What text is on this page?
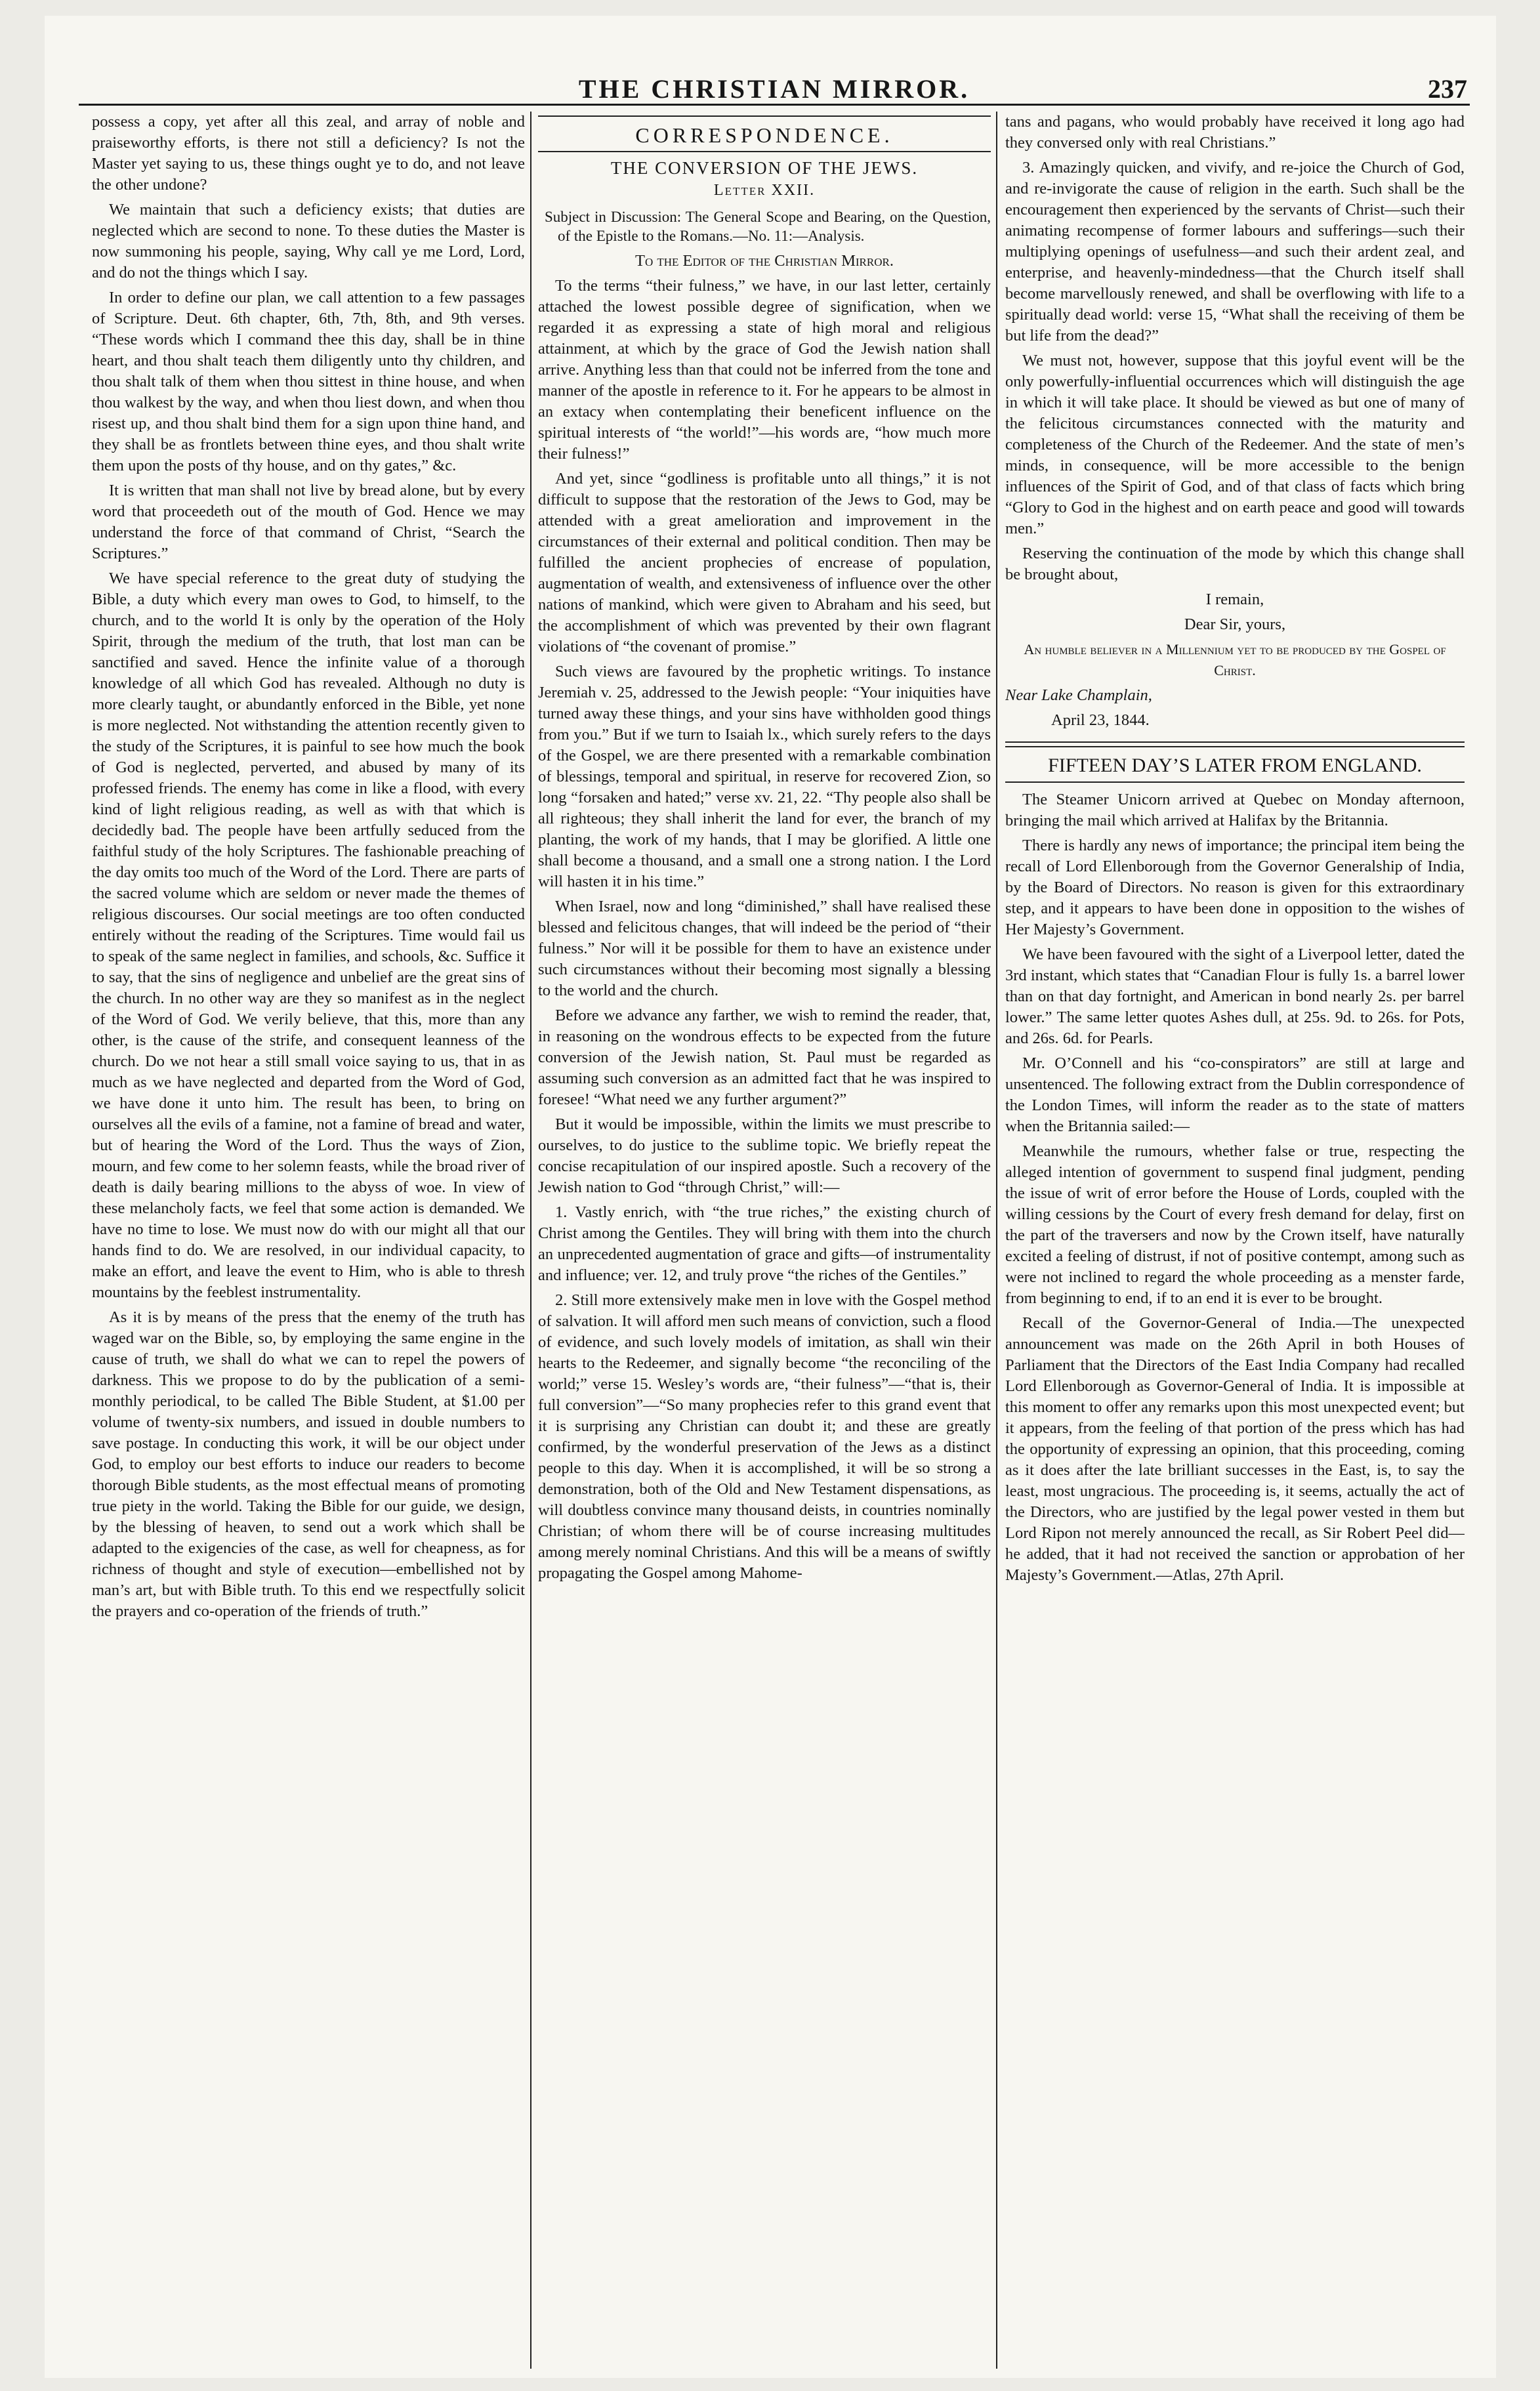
THE CHRISTIAN MIRROR.	237

possess a copy, yet after all this zeal, and array of noble and praiseworthy efforts, is there not still a deficiency? Is not the Master yet saying to us, these things ought ye to do, and not leave the other undone?

We maintain that such a deficiency exists; that duties are neglected which are second to none. To these duties the Master is now summoning his people, saying, Why call ye me Lord, Lord, and do not the things which I say.

In order to define our plan, we call attention to a few passages of Scripture. Deut. 6th chapter, 6th, 7th, 8th, and 9th verses. “These words which I command thee this day, shall be in thine heart, and thou shalt teach them diligently unto thy children, and thou shalt talk of them when thou sittest in thine house, and when thou walkest by the way, and when thou liest down, and when thou risest up, and thou shalt bind them for a sign upon thine hand, and they shall be as frontlets between thine eyes, and thou shalt write them upon the posts of thy house, and on thy gates,” &c.

It is written that man shall not live by bread alone, but by every word that proceedeth out of the mouth of God. Hence we may understand the force of that command of Christ, “Search the Scriptures.”

We have special reference to the great duty of studying the Bible, a duty which every man owes to God, to himself, to the church, and to the world It is only by the operation of the Holy Spirit, through the medium of the truth, that lost man can be sanctified and saved. Hence the infinite value of a thorough knowledge of all which God has revealed. Although no duty is more clearly taught, or abundantly enforced in the Bible, yet none is more neglected. Not withstanding the attention recently given to the study of the Scriptures, it is painful to see how much the book of God is neglected, perverted, and abused by many of its professed friends. The enemy has come in like a flood, with every kind of light religious reading, as well as with that which is decidedly bad. The people have been artfully seduced from the faithful study of the holy Scriptures. The fashionable preaching of the day omits too much of the Word of the Lord. There are parts of the sacred volume which are seldom or never made the themes of religious discourses. Our social meetings are too often conducted entirely without the reading of the Scriptures. Time would fail us to speak of the same neglect in families, and schools, &c. Suffice it to say, that the sins of negligence and unbelief are the great sins of the church. In no other way are they so manifest as in the neglect of the Word of God. We verily believe, that this, more than any other, is the cause of the strife, and consequent leanness of the church. Do we not hear a still small voice saying to us, that in as much as we have neglected and departed from the Word of God, we have done it unto him. The result has been, to bring on ourselves all the evils of a famine, not a famine of bread and water, but of hearing the Word of the Lord. Thus the ways of Zion, mourn, and few come to her solemn feasts, while the broad river of death is daily bearing millions to the abyss of woe. In view of these melancholy facts, we feel that some action is demanded. We have no time to lose. We must now do with our might all that our hands find to do. We are resolved, in our individual capacity, to make an effort, and leave the event to Him, who is able to thresh mountains by the feeblest instrumentality.

As it is by means of the press that the enemy of the truth has waged war on the Bible, so, by employing the same engine in the cause of truth, we shall do what we can to repel the powers of darkness. This we propose to do by the publication of a semi-monthly periodical, to be called The Bible Student, at $1.00 per volume of twenty-six numbers, and issued in double numbers to save postage. In conducting this work, it will be our object under God, to employ our best efforts to induce our readers to become thorough Bible students, as the most effectual means of promoting true piety in the world. Taking the Bible for our guide, we design, by the blessing of heaven, to send out a work which shall be adapted to the exigencies of the case, as well for cheapness, as for richness of thought and style of execution—embellished not by man’s art, but with Bible truth. To this end we respectfully solicit the prayers and co-operation of the friends of truth.”

CORRESPONDENCE.
THE CONVERSION OF THE JEWS.
Letter XXII.

Subject in Discussion: The General Scope and Bearing, on the Question, of the Epistle to the Romans.—No. 11:—Analysis.

To the Editor of the Christian Mirror.

To the terms “their fulness,” we have, in our last letter, certainly attached the lowest possible degree of signification, when we regarded it as expressing a state of high moral and religious attainment, at which by the grace of God the Jewish nation shall arrive. Anything less than that could not be inferred from the tone and manner of the apostle in reference to it. For he appears to be almost in an extacy when contemplating their beneficent influence on the spiritual interests of “the world!”—his words are, “how much more their fulness!”

And yet, since “godliness is profitable unto all things,” it is not difficult to suppose that the restoration of the Jews to God, may be attended with a great amelioration and improvement in the circumstances of their external and political condition. Then may be fulfilled the ancient prophecies of encrease of population, augmentation of wealth, and extensiveness of influence over the other nations of mankind, which were given to Abraham and his seed, but the accomplishment of which was prevented by their own flagrant violations of “the covenant of promise.”

Such views are favoured by the prophetic writings. To instance Jeremiah v. 25, addressed to the Jewish people: “Your iniquities have turned away these things, and your sins have withholden good things from you.” But if we turn to Isaiah lx., which surely refers to the days of the Gospel, we are there presented with a remarkable combination of blessings, temporal and spiritual, in reserve for recovered Zion, so long “forsaken and hated;” verse xv. 21, 22. “Thy people also shall be all righteous; they shall inherit the land for ever, the branch of my planting, the work of my hands, that I may be glorified. A little one shall become a thousand, and a small one a strong nation. I the Lord will hasten it in his time.”

When Israel, now and long “diminished,” shall have realised these blessed and felicitous changes, that will indeed be the period of “their fulness.” Nor will it be possible for them to have an existence under such circumstances without their becoming most signally a blessing to the world and the church.

Before we advance any farther, we wish to remind the reader, that, in reasoning on the wondrous effects to be expected from the future conversion of the Jewish nation, St. Paul must be regarded as assuming such conversion as an admitted fact that he was inspired to foresee! “What need we any further argument?”

But it would be impossible, within the limits we must prescribe to ourselves, to do justice to the sublime topic. We briefly repeat the concise recapitulation of our inspired apostle. Such a recovery of the Jewish nation to God “through Christ,” will:—

1. Vastly enrich, with “the true riches,” the existing church of Christ among the Gentiles. They will bring with them into the church an unprecedented augmentation of grace and gifts—of instrumentality and influence; ver. 12, and truly prove “the riches of the Gentiles.”

2. Still more extensively make men in love with the Gospel method of salvation. It will afford men such means of conviction, such a flood of evidence, and such lovely models of imitation, as shall win their hearts to the Redeemer, and signally become “the reconciling of the world;” verse 15. Wesley’s words are, “their fulness”—“that is, their full conversion”—“So many prophecies refer to this grand event that it is surprising any Christian can doubt it; and these are greatly confirmed, by the wonderful preservation of the Jews as a distinct people to this day. When it is accomplished, it will be so strong a demonstration, both of the Old and New Testament dispensations, as will doubtless convince many thousand deists, in countries nominally Christian; of whom there will be of course increasing multitudes among merely nominal Christians. And this will be a means of swiftly propagating the Gospel among Mahome-

tans and pagans, who would probably have received it long ago had they conversed only with real Christians.”

3. Amazingly quicken, and vivify, and re-joice the Church of God, and re-invigorate the cause of religion in the earth. Such shall be the encouragement then experienced by the servants of Christ—such their animating recompense of former labours and sufferings—such their multiplying openings of usefulness—and such their ardent zeal, and enterprise, and heavenly-mindedness—that the Church itself shall become marvellously renewed, and shall be overflowing with life to a spiritually dead world: verse 15, “What shall the receiving of them be but life from the dead?”

We must not, however, suppose that this joyful event will be the only powerfully-influential occurrences which will distinguish the age in which it will take place. It should be viewed as but one of many of the felicitous circumstances connected with the maturity and completeness of the Church of the Redeemer. And the state of men’s minds, in consequence, will be more accessible to the benign influences of the Spirit of God, and of that class of facts which bring “Glory to God in the highest and on earth peace and good will towards men.”

Reserving the continuation of the mode by which this change shall be brought about,

I remain,

Dear Sir, yours,

An humble believer in a Millennium yet to be produced by the Gospel of Christ.

Near Lake Champlain,

April 23, 1844.

FIFTEEN DAY’S LATER FROM ENGLAND.

The Steamer Unicorn arrived at Quebec on Monday afternoon, bringing the mail which arrived at Halifax by the Britannia.

There is hardly any news of importance; the principal item being the recall of Lord Ellenborough from the Governor Generalship of India, by the Board of Directors. No reason is given for this extraordinary step, and it appears to have been done in opposition to the wishes of Her Majesty’s Government.

We have been favoured with the sight of a Liverpool letter, dated the 3rd instant, which states that “Canadian Flour is fully 1s. a barrel lower than on that day fortnight, and American in bond nearly 2s. per barrel lower.” The same letter quotes Ashes dull, at 25s. 9d. to 26s. for Pots, and 26s. 6d. for Pearls.

Mr. O’Connell and his “co-conspirators” are still at large and unsentenced. The following extract from the Dublin correspondence of the London Times, will inform the reader as to the state of matters when the Britannia sailed:—

Meanwhile the rumours, whether false or true, respecting the alleged intention of government to suspend final judgment, pending the issue of writ of error before the House of Lords, coupled with the willing cessions by the Court of every fresh demand for delay, first on the part of the traversers and now by the Crown itself, have naturally excited a feeling of distrust, if not of positive contempt, among such as were not inclined to regard the whole proceeding as a menster farde, from beginning to end, if to an end it is ever to be brought.

Recall of the Governor-General of India.—The unexpected announcement was made on the 26th April in both Houses of Parliament that the Directors of the East India Company had recalled Lord Ellenborough as Governor-General of India. It is impossible at this moment to offer any remarks upon this most unexpected event; but it appears, from the feeling of that portion of the press which has had the opportunity of expressing an opinion, that this proceeding, coming as it does after the late brilliant successes in the East, is, to say the least, most ungracious. The proceeding is, it seems, actually the act of the Directors, who are justified by the legal power vested in them but Lord Ripon not merely announced the recall, as Sir Robert Peel did—he added, that it had not received the sanction or approbation of her Majesty’s Government.—Atlas, 27th April.
